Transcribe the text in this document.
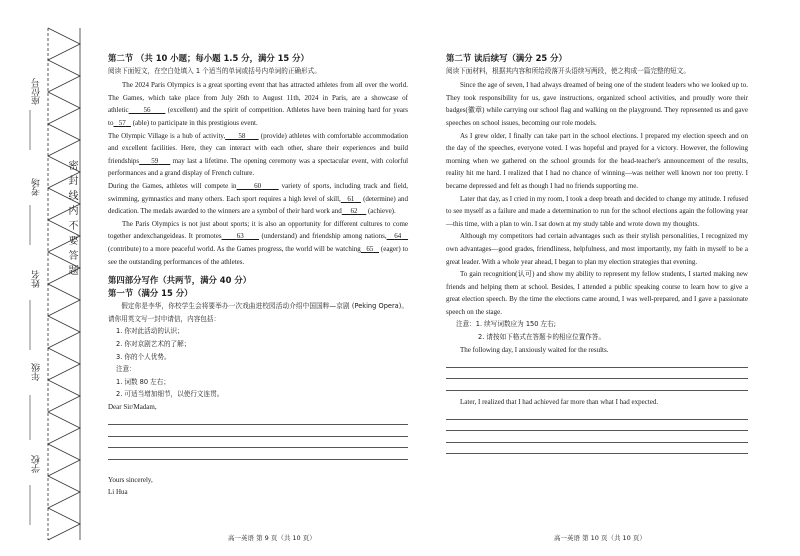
座位号
考场
姓名
年级
学校
密封线内不要答题

第二节 （共 10 小题；每小题 1.5 分，满分 15 分）

阅读下面短文，在空白处填入 1 个适当的单词或括号内单词的正确形式。

The 2024 Paris Olympics is a great sporting event that has attracted athletes from all over the world. The Games, which take place from July 26th to August 11th, 2024 in Paris, are a showcase of athletic 56       (excellent) and the spirit of competition. Athletes have been training hard for years to 57    (able) to participate in this prestigious event.

The Olympic Village is a hub of activity, 58       (provide) athletes with comfortable accommodation and excellent facilities. Here, they can interact with each other, share their experiences and build friendships 59      may last a lifetime. The opening ceremony was a spectacular event, with colorful performances and a grand display of French culture.

During the Games, athletes will compete in	60	variety of sports, including track and field, swimming, gymnastics and many others. Each sport requires a high level of skill, 61    (determine) and dedication. The medals awarded to the winners are a symbol of their hard work and 62      (achieve).

The Paris Olympics is not just about sports; it is also an opportunity for different cultures to come together andexchangeideas. It promotes 63       (understand) and friendship among nations, 64    (contribute) to a more peaceful world. As the Games progress, the world will be watching 65    (eager) to see the outstanding performances of the athletes.

第四部分写作（共两节，满分 40 分）

第一节（满分 15 分）

假定你是李华，你校学生会将要举办一次戏曲进校园活动介绍中国国粹—京剧 (Peking Opera)。请你用英文写一封申请信，内容包括：

1. 你对此活动的认识；

2. 你对京剧艺术的了解；

3. 你的个人优势。

注意：

1. 词数 80 左右；

2. 可适当增加细节，以使行文连贯。

Dear Sir/Madam,

Yours sincerely,

Li Hua

高一英语 第 9 页（共 10 页）

第二节 读后续写（满分 25 分）

阅读下面材料，根据其内容和所给段落开头语续写两段，使之构成一篇完整的短文。

Since the age of seven, I had always dreamed of being one of the student leaders who we looked up to. They took responsibility for us, gave instructions, organized school activities, and proudly wore their badges(徽章) while carrying our school flag and walking on the playground. They represented us and gave speeches on school issues, becoming our role models.

As I grew older, I finally can take part in the school elections. I prepared my election speech and on the day of the speeches, everyone voted. I was hopeful and prayed for a victory. However, the following morning when we gathered on the school grounds for the head-teacher's announcement of the results, reality hit me hard. I realized that I had no chance of winning—was neither well known nor too pretty. I became depressed and felt as though I had no friends supporting me.

Later that day, as I cried in my room, I took a deep breath and decided to change my attitude. I refused to see myself as a failure and made a determination to run for the school elections again the following year—this time, with a plan to win. I sat down at my study table and wrote down my thoughts.

Although my competitors had certain advantages such as their stylish personalities, I recognized my own advantages—good grades, friendliness, helpfulness, and most importantly, my faith in myself to be a great leader. With a whole year ahead, I began to plan my election strategies that evening.

To gain recognition(认可) and show my ability to represent my fellow students, I started making new friends and helping them at school. Besides, I attended a public speaking course to learn how to give a great election speech. By the time the elections came around, I was well-prepared, and I gave a passionate speech on the stage.

注意：1. 续写词数应为 150 左右;

2. 请按如下格式在答题卡的相应位置作答。

The following day, I anxiously waited for the results.

Later, I realized that I had achieved far more than what I had expected.

高一英语 第 10 页（共 10 页）
